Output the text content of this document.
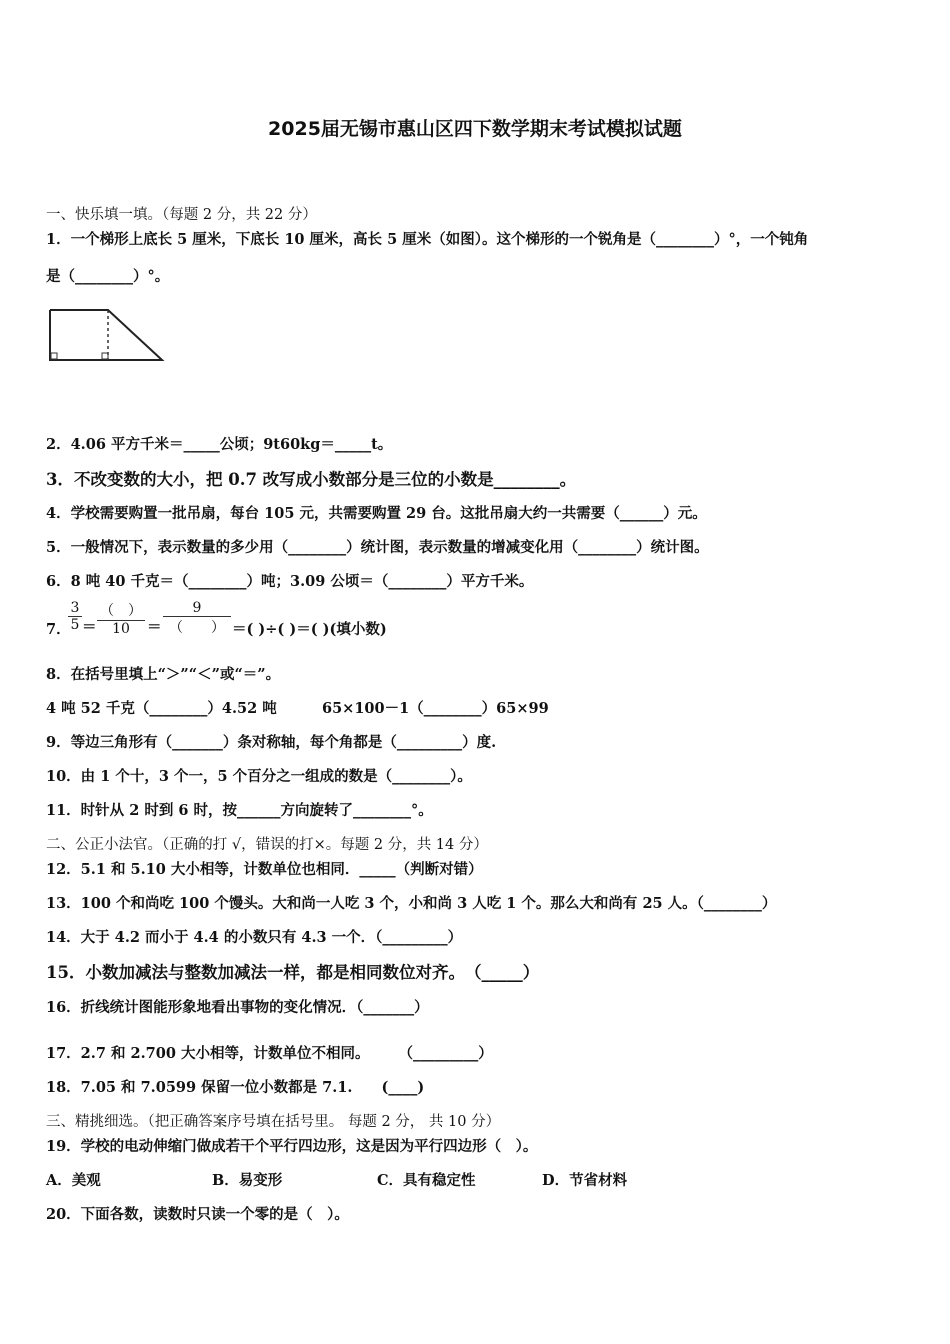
2025届无锡市惠山区四下数学期末考试模拟试题
一、快乐填一填。（每题 2 分，共 22 分）
1．一个梯形上底长 5 厘米，下底长 10 厘米，高长 5 厘米（如图）。这个梯形的一个锐角是（________）°，一个钝角
是（________）°。
2．4.06 平方千米＝_____公顷；9t60kg＝_____t。
3．不改变数的大小，把 0.7 改写成小数部分是三位的小数是________。
4．学校需要购置一批吊扇，每台 105 元，共需要购置 29 台。这批吊扇大约一共需要（______）元。
5．一般情况下，表示数量的多少用（________）统计图，表示数量的增减变化用（________）统计图。
6．8 吨 40 千克＝（________）吨；3.09 公顷＝（________）平方千米。
7．
$\frac{3}{5}$ ＝
（　）
10	＝
9
（　　） ＝( )÷( )＝( )(填小数)
8．在括号里填上“＞”“＜”或“＝”。
4 吨 52 千克（________）4.52 吨	65×100－1（________）65×99
9．等边三角形有（_______）条对称轴，每个角都是（_________）度.
10．由 1 个十，3 个一，5 个百分之一组成的数是（________）。
11．时针从 2 时到 6 时，按______方向旋转了________°。
二、公正小法官。（正确的打 √，错误的打×。每题 2 分，共 14 分）
12．5.1 和 5.10 大小相等，计数单位也相同．_____（判断对错）
13．100 个和尚吃 100 个馒头。大和尚一人吃 3 个，小和尚 3 人吃 1 个。那么大和尚有 25 人。（________）
14．大于 4.2 而小于 4.4 的小数只有 4.3 一个．（_________）
15．小数加减法与整数加减法一样，都是相同数位对齐。　（_____）
16．折线统计图能形象地看出事物的变化情况．（_______）
17．2.7 和 2.700 大小相等，计数单位不相同。　　　（_________）
18．7.05 和 7.0599 保留一位小数都是 7.1.　　(____)
三、精挑细选。（把正确答案序号填在括号里。 每题 2 分， 共 10 分）
19．学校的电动伸缩门做成若干个平行四边形，这是因为平行四边形（　）。
A．美观	B．易变形	C．具有稳定性	D．节省材料
20．下面各数，读数时只读一个零的是（　）。
